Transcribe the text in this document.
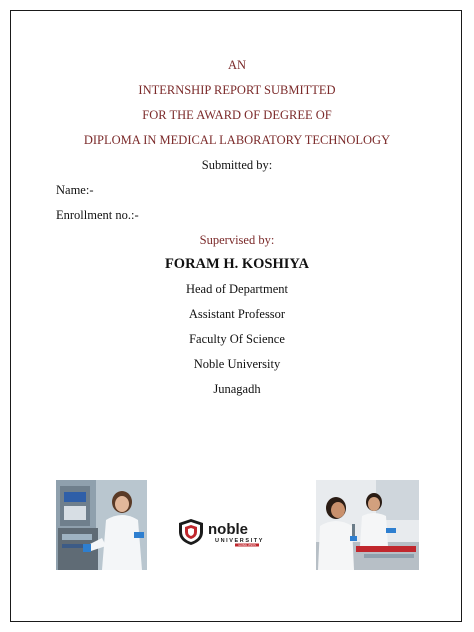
AN
INTERNSHIP REPORT SUBMITTED
FOR THE AWARD OF DEGREE OF
DIPLOMA IN MEDICAL LABORATORY TECHNOLOGY
Submitted by:
Name:-
Enrollment no.:-
Supervised by:
FORAM H. KOSHIYA
Head of Department
Assistant Professor
Faculty Of Science
Noble University
Junagadh
noble
UNIVERSITY
GLOBAL VISION
